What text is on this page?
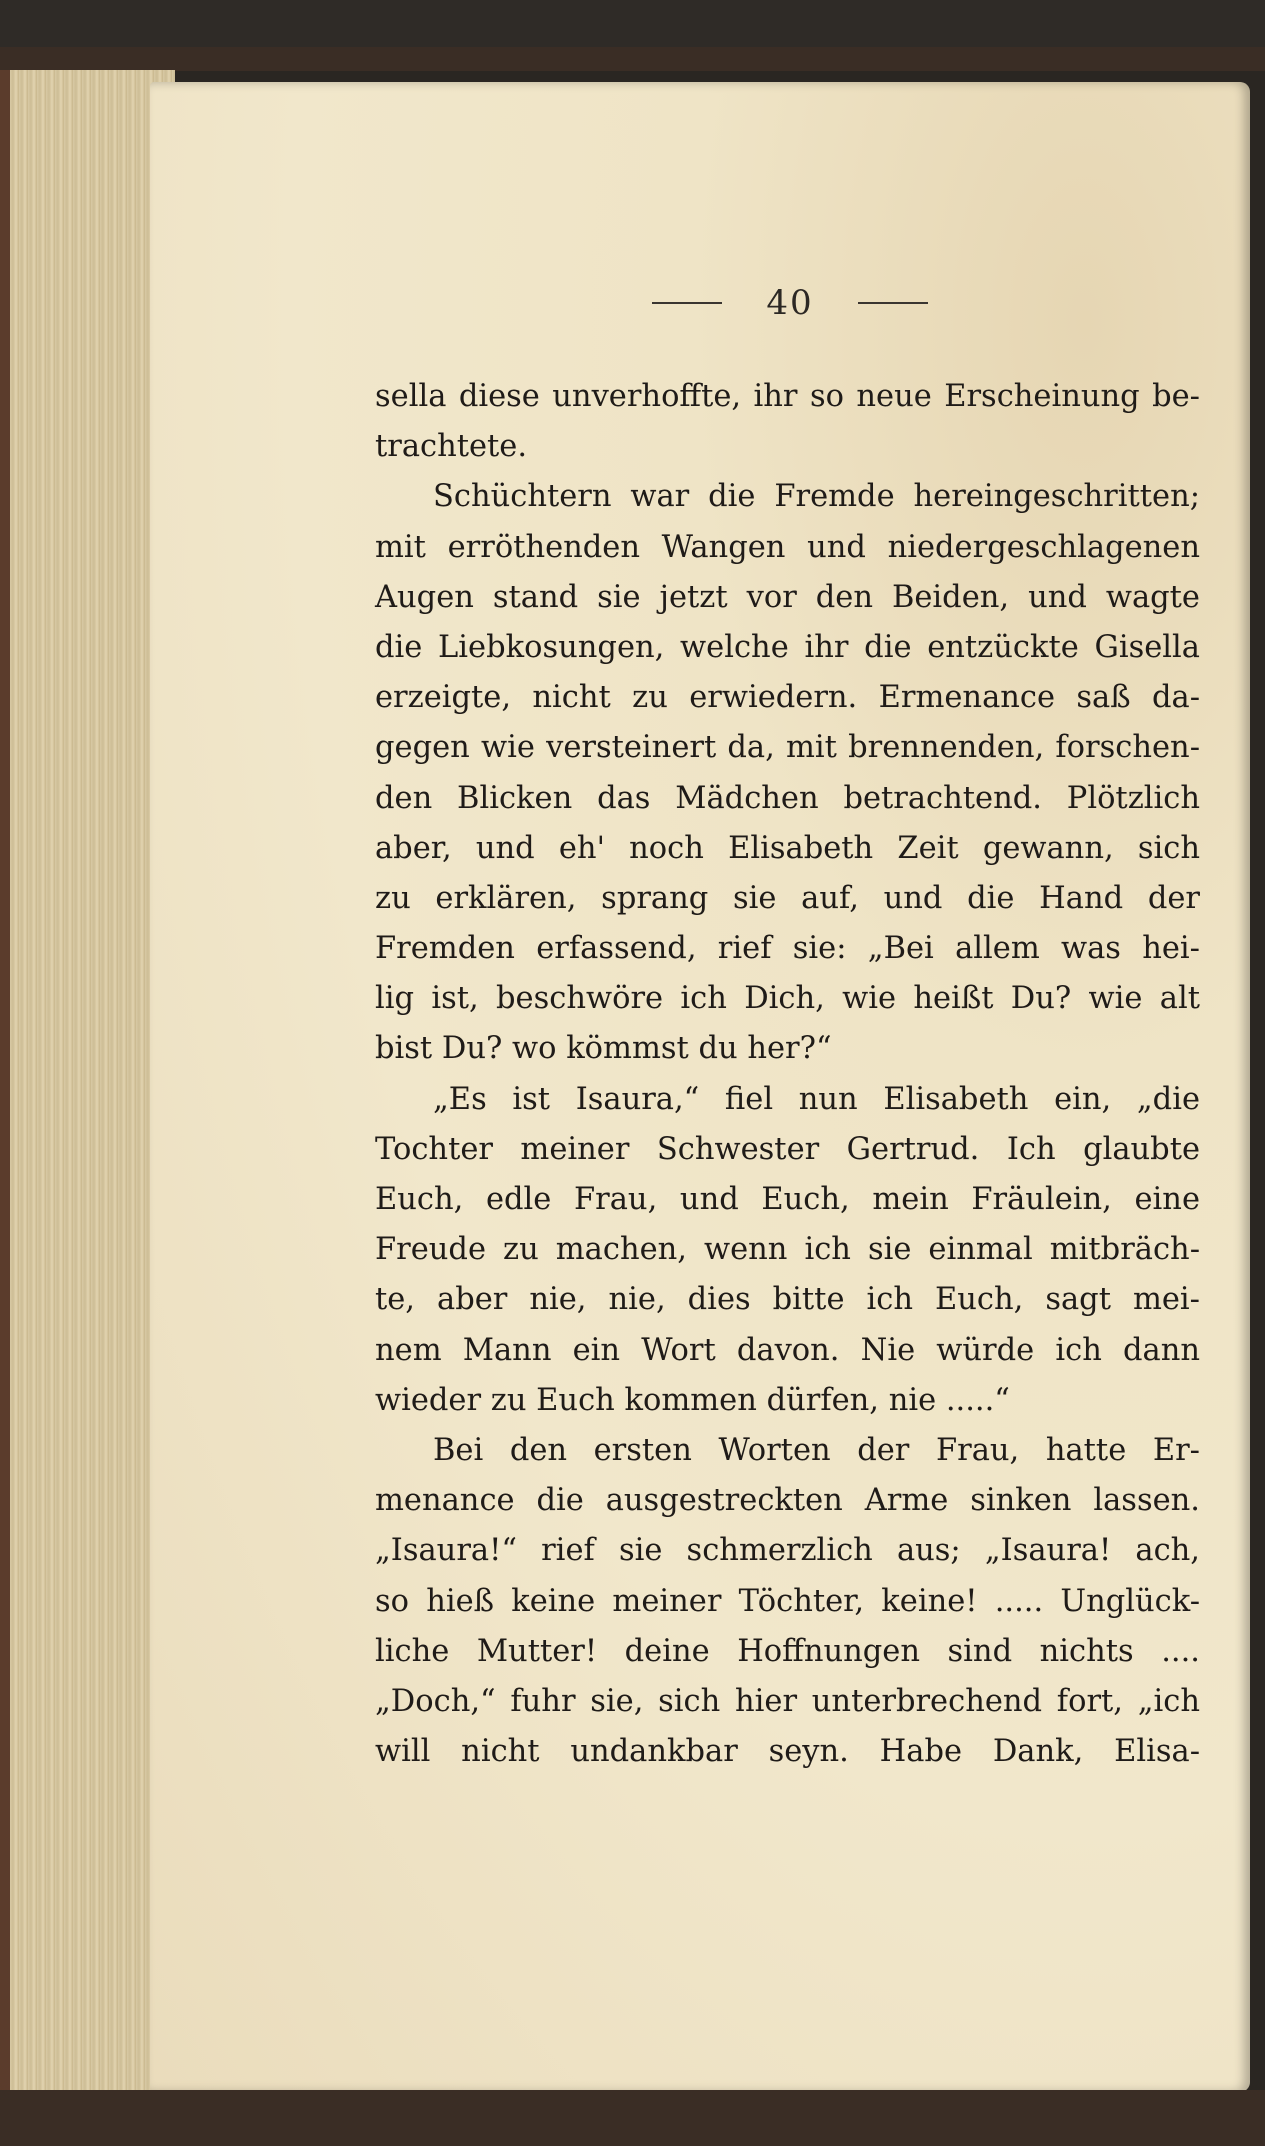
40
sella diese unverhoffte, ihr so neue Erscheinung be-
trachtete.
Schüchtern war die Fremde hereingeschritten;
mit erröthenden Wangen und niedergeschlagenen
Augen stand sie jetzt vor den Beiden, und wagte
die Liebkosungen, welche ihr die entzückte Gisella
erzeigte, nicht zu erwiedern. Ermenance saß da-
gegen wie versteinert da, mit brennenden, forschen-
den Blicken das Mädchen betrachtend. Plötzlich
aber, und eh' noch Elisabeth Zeit gewann, sich
zu erklären, sprang sie auf, und die Hand der
Fremden erfassend, rief sie: „Bei allem was hei-
lig ist, beschwöre ich Dich, wie heißt Du? wie alt
bist Du? wo kömmst du her?“
„Es ist Isaura,“ fiel nun Elisabeth ein, „die
Tochter meiner Schwester Gertrud. Ich glaubte
Euch, edle Frau, und Euch, mein Fräulein, eine
Freude zu machen, wenn ich sie einmal mitbräch-
te, aber nie, nie, dies bitte ich Euch, sagt mei-
nem Mann ein Wort davon. Nie würde ich dann
wieder zu Euch kommen dürfen, nie .....“
Bei den ersten Worten der Frau, hatte Er-
menance die ausgestreckten Arme sinken lassen.
„Isaura!“ rief sie schmerzlich aus; „Isaura! ach,
so hieß keine meiner Töchter, keine! ..... Unglück-
liche Mutter! deine Hoffnungen sind nichts ....
„Doch,“ fuhr sie, sich hier unterbrechend fort, „ich
will nicht undankbar seyn. Habe Dank, Elisa-
